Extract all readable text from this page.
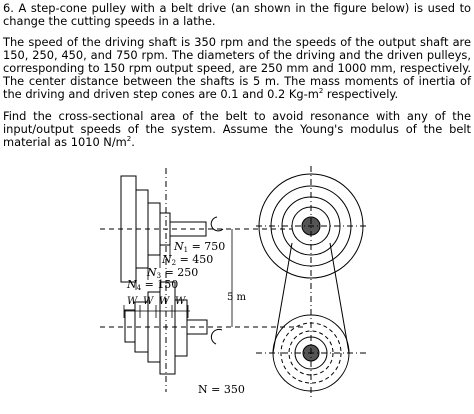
6. A step-cone pulley with a belt drive (an shown in the figure below) is used to change the cutting speeds in a lathe.

The speed of the driving shaft is 350 rpm and the speeds of the output shaft are 150, 250, 450, and 750 rpm. The diameters of the driving and the driven pulleys, corresponding to 150 rpm output speed, are 250 mm and 1000 mm, respectively. The center distance between the shafts is 5 m. The mass moments of inertia of the driving and driven step cones are 0.1 and 0.2 $Kg-m^2$ respectively.

Find the cross-sectional area of the belt to avoid resonance with any of the input/output speeds of the system. Assume the Young's modulus of the belt material as 1010 $N/m^2$.

N1 = 750
N2 = 450
N3 = 250
N4 = 150
W W W W	5 m
N = 350
